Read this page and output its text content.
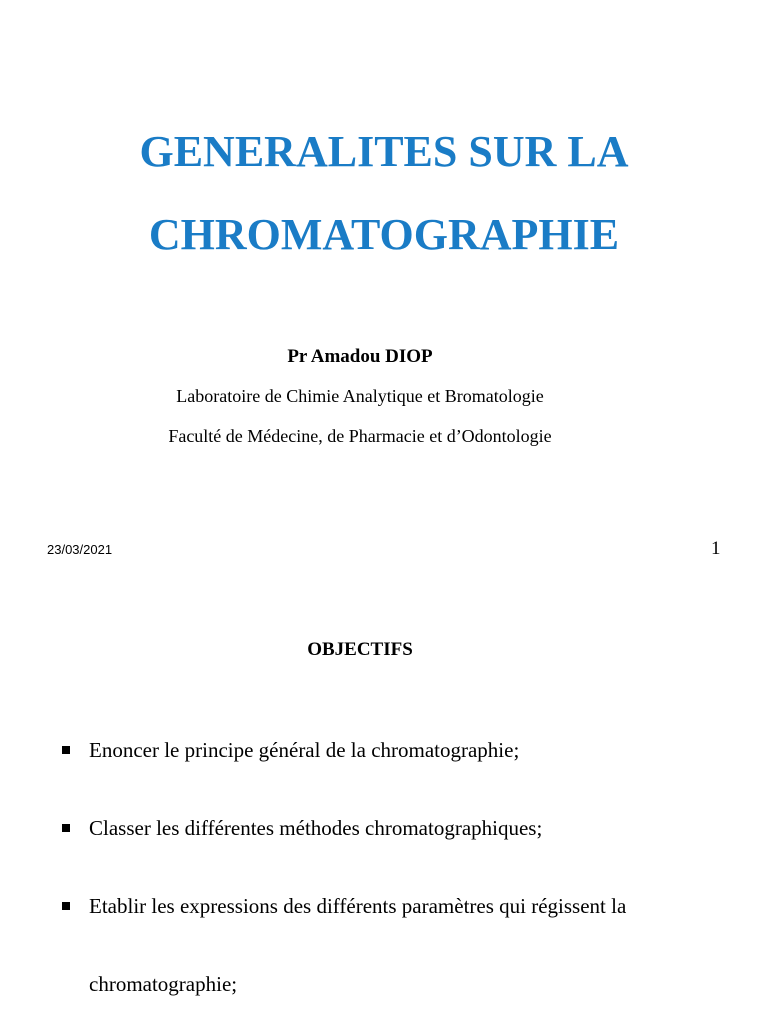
GENERALITES SUR LA
CHROMATOGRAPHIE

Pr Amadou DIOP

Laboratoire de Chimie Analytique et Bromatologie

Faculté de Médecine, de Pharmacie et d’Odontologie

23/03/2021	1

OBJECTIFS

Enoncer le principe général de la chromatographie;
Classer les différentes méthodes chromatographiques;
Etablir les expressions des différents paramètres qui régissent la
chromatographie;
